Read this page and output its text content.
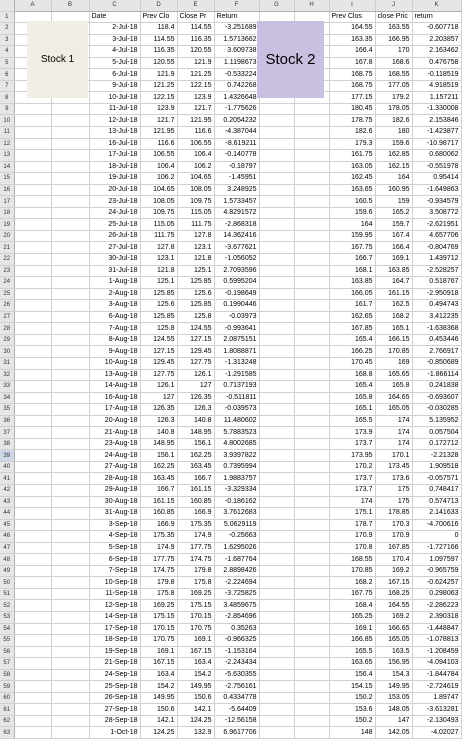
	A	B	C	D	E	F	G	H	I	J	K
1			Date	Prev Clo	Close Pr	Return			Prev Clos	close Pric	return
2			2-Jul-18	118.4	114.55	-3.251689			164.55	163.55	-0.607718
3			3-Jul-18	114.55	116.35	1.5713662			163.35	166.95	2.203857
4			4-Jul-18	116.35	120.55	3.609738			166.4	170	2.163462
5			5-Jul-18	120.55	121.9	1.1198673			167.8	168.6	0.476758
6			6-Jul-18	121.9	121.25	-0.533224			168.75	168.55	-0.118519
7			9-Jul-18	121.25	122.15	0.742268			168.75	177.05	4.918519
8			10-Jul-18	122.15	123.9	1.4326648			177.15	179.2	1.157211
9			11-Jul-18	123.9	121.7	-1.775626			180.45	178.05	-1.330008
10			12-Jul-18	121.7	121.95	0.2054232			178.75	182.6	2.153846
11			13-Jul-18	121.95	116.6	-4.387044			182.6	180	-1.423877
12			16-Jul-18	116.6	106.55	-8.619211			179.3	159.6	-10.98717
13			17-Jul-18	106.55	106.4	-0.140778			161.75	162.85	0.680062
14			18-Jul-18	106.4	106.2	-0.18797			163.05	162.15	-0.551978
15			19-Jul-18	106.2	104.65	-1.45951			162.45	164	0.95414
16			20-Jul-18	104.65	108.05	3.248925			163.65	160.95	-1.649863
17			23-Jul-18	108.05	109.75	1.5733457			160.5	159	-0.934579
18			24-Jul-18	109.75	115.05	4.8291572			159.6	165.2	3.508772
19			25-Jul-18	115.05	111.75	-2.868318			164	159.7	-2.621951
20			26-Jul-18	111.75	127.8	14.362416			159.95	167.4	4.657706
21			27-Jul-18	127.8	123.1	-3.677621			167.75	166.4	-0.804769
22			30-Jul-18	123.1	121.8	-1.056052			166.7	169.1	1.439712
23			31-Jul-18	121.8	125.1	2.7093596			168.1	163.85	-2.528257
24			1-Aug-18	125.1	125.85	0.5995204			163.85	164.7	0.518767
25			2-Aug-18	125.85	125.6	-0.198649			166.05	161.15	-2.950918
26			3-Aug-18	125.6	125.85	0.1990446			161.7	162.5	0.494743
27			6-Aug-18	125.85	125.8	-0.03973			162.65	168.2	3.412235
28			7-Aug-18	125.8	124.55	-0.993641			167.85	165.1	-1.638368
29			8-Aug-18	124.55	127.15	2.0875151			165.4	166.15	0.453446
30			9-Aug-18	127.15	129.45	1.8088871			166.25	170.85	2.766917
31			10-Aug-18	129.45	127.75	-1.313248			170.45	169	-0.850689
32			13-Aug-18	127.75	126.1	-1.291585			168.8	165.65	-1.866114
33			14-Aug-18	126.1	127	0.7137193			165.4	165.8	0.241838
34			16-Aug-18	127	126.35	-0.511811			165.8	164.65	-0.693607
35			17-Aug-18	126.35	126.3	-0.039573			165.1	165.05	-0.030285
36			20-Aug-18	126.3	140.8	11.480602			165.5	174	5.135952
37			21-Aug-18	140.8	148.95	5.7883523			173.9	174	0.057504
38			23-Aug-18	148.95	156.1	4.8002685			173.7	174	0.172712
39			24-Aug-18	156.1	162.25	3.9397822			173.95	170.1	-2.21328
40			27-Aug-18	162.25	163.45	0.7395994			170.2	173.45	1.909518
41			28-Aug-18	163.45	166.7	1.9883757			173.7	173.6	-0.057571
42			29-Aug-18	166.7	161.15	-3.329334			173.7	175	0.748417
43			30-Aug-18	161.15	160.85	-0.186162			174	175	0.574713
44			31-Aug-18	160.85	166.9	3.7612683			175.1	178.85	2.141633
45			3-Sep-18	166.9	175.35	5.0629119			178.7	170.3	-4.700616
46			4-Sep-18	175.35	174.9	-0.25663			170.9	170.9	0
47			5-Sep-18	174.9	177.75	1.6295026			170.8	167.85	-1.727166
48			6-Sep-18	177.75	174.75	-1.687764			168.55	170.4	1.097597
49			7-Sep-18	174.75	179.8	2.8898426			170.85	169.2	-0.965759
50			10-Sep-18	179.8	175.8	-2.224694			168.2	167.15	-0.624257
51			11-Sep-18	175.8	169.25	-3.725825			167.75	168.25	0.298063
52			12-Sep-18	169.25	175.15	3.4859675			168.4	164.55	-2.286223
53			14-Sep-18	175.15	170.15	-2.854696			165.25	169.2	2.390318
54			17-Sep-18	170.15	170.75	0.35263			169.1	166.65	-1.448847
55			18-Sep-18	170.75	169.1	-0.966325			166.85	165.05	-1.078813
56			19-Sep-18	169.1	167.15	-1.153164			165.5	163.5	-1.208459
57			21-Sep-18	167.15	163.4	-2.243434			163.65	156.95	-4.094103
58			24-Sep-18	163.4	154.2	-5.630355			156.4	154.3	-1.844784
59			25-Sep-18	154.2	149.95	-2.756161			154.15	149.95	-2.724619
60			26-Sep-18	149.95	150.6	0.4334778			150.2	153.05	1.89747
61			27-Sep-18	150.6	142.1	-5.64409			153.6	148.05	-3.613281
62			28-Sep-18	142.1	124.25	-12.56158			150.2	147	-2.130493
63			1-Oct-18	124.25	132.9	6.9617706			148	142.05	-4.02027
Stock 1	Stock 2
